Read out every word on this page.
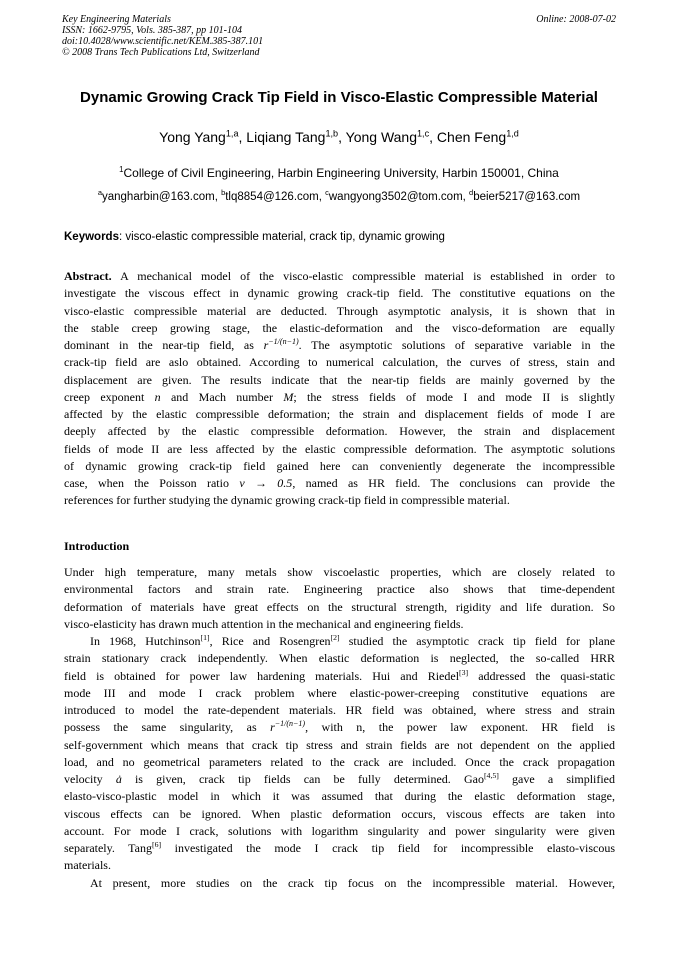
Key Engineering Materials
ISSN: 1662-9795, Vols. 385-387, pp 101-104
doi:10.4028/www.scientific.net/KEM.385-387.101
© 2008 Trans Tech Publications Ltd, Switzerland
Online: 2008-07-02
Dynamic Growing Crack Tip Field in Visco-Elastic Compressible Material
Yong Yang$^{1,a}$, Liqiang Tang$^{1,b}$, Yong Wang$^{1,c}$, Chen Feng$^{1,d}$
$^1$College of Civil Engineering, Harbin Engineering University, Harbin 150001, China
$^a$yangharbin@163.com, $^b$tlq8854@126.com, $^c$wangyong3502@tom.com, $^d$beier5217@163.com
Keywords: visco-elastic compressible material, crack tip, dynamic growing
Abstract. A mechanical model of the visco-elastic compressible material is established in order to
investigate the viscous effect in dynamic growing crack-tip field. The constitutive equations on the
visco-elastic compressible material are deducted. Through asymptotic analysis, it is shown that in
the stable creep growing stage, the elastic-deformation and the visco-deformation are equally
dominant in the near-tip field, as $r^{-1/(n-1)}$. The asymptotic solutions of separative variable in the
crack-tip field are aslo obtained. According to numerical calculation, the curves of stress, stain and
displacement are given. The results indicate that the near-tip fields are mainly governed by the
creep exponent n and Mach number M; the stress fields of mode I and mode II is slightly
affected by the elastic compressible deformation; the strain and displacement fields of mode I are
deeply affected by the elastic compressible deformation. However, the strain and displacement
fields of mode II are less affected by the elastic compressible deformation. The asymptotic solutions
of dynamic growing crack-tip field gained here can conveniently degenerate the incompressible
case, when the Poisson ratio ν → 0.5, named as HR field. The conclusions can provide the
references for further studying the dynamic growing crack-tip field in compressible material.
Introduction
Under high temperature, many metals show viscoelastic properties, which are closely related to
environmental factors and strain rate. Engineering practice also shows that time-dependent
deformation of materials have great effects on the structural strength, rigidity and life duration. So
visco-elasticity has drawn much attention in the mechanical and engineering fields.
In 1968, Hutchinson[1], Rice and Rosengren[2] studied the asymptotic crack tip field for plane
strain stationary crack independently. When elastic deformation is neglected, the so-called HRR
field is obtained for power law hardening materials. Hui and Riedel[3] addressed the quasi-static
mode III and mode I crack problem where elastic-power-creeping constitutive equations are
introduced to model the rate-dependent materials. HR field was obtained, where stress and strain
possess the same singularity, as $r^{-1/(n-1)}$, with n, the power law exponent. HR field is
self-government which means that crack tip stress and strain fields are not dependent on the applied
load, and no geometrical parameters related to the crack are included. Once the crack propagation
velocity ȧ is given, crack tip fields can be fully determined. Gao[4,5] gave a simplified
elasto-visco-plastic model in which it was assumed that during the elastic deformation stage,
viscous effects can be ignored. When plastic deformation occurs, viscous effects are taken into
account. For mode I crack, solutions with logarithm singularity and power singularity were given
separately. Tang[6] investigated the mode I crack tip field for incompressible elasto-viscous
materials.
At present, more studies on the crack tip focus on the incompressible material. However,
